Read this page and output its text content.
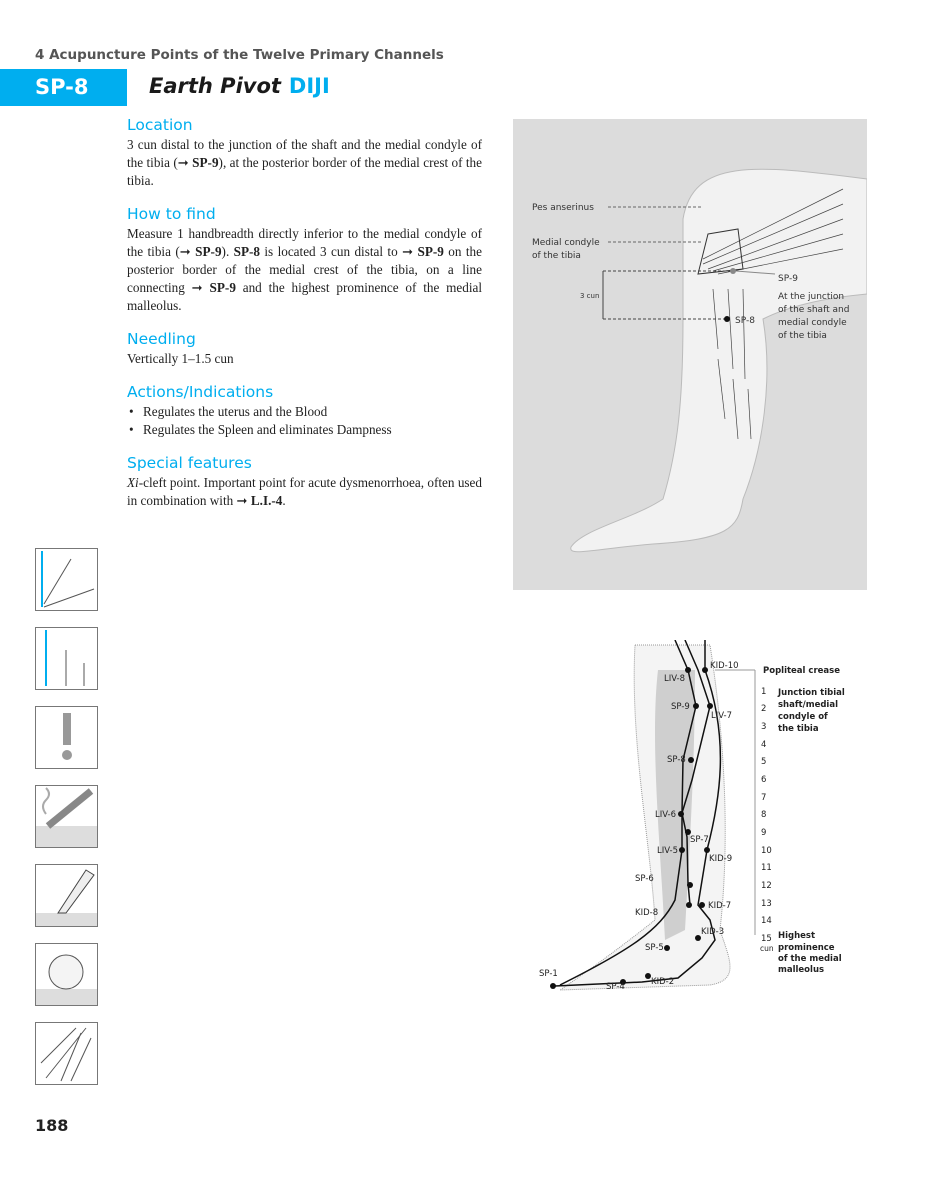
4 Acupuncture Points of the Twelve Primary Channels
SP-8	Earth Pivot DIJI
Location

3 cun distal to the junction of the shaft and the medial condyle of the tibia (➞ SP-9), at the posterior border of the medial crest of the tibia.

How to find

Measure 1 handbreadth directly inferior to the medial condyle of the tibia (➞ SP-9). SP-8 is located 3 cun distal to ➞ SP-9 on the posterior border of the medial crest of the tibia, on a line connecting ➞ SP-9 and the highest prominence of the medial malleolus.

Needling

Vertically 1–1.5 cun

Actions/Indications
• Regulates the uterus and the Blood
• Regulates the Spleen and eliminates Dampness
Special features

Xi-cleft point. Important point for acute dysmenorrhoea, often used in combination with ➞ L.I.-4.

Pes anserinus
Medial condyle
of the tibia
3 cun
SP-9
SP-8
At the junction
of the shaft and
medial condyle
of the tibia
KID-10
LIV-8
SP-9
LIV-7
SP-8
LIV-6
SP-7
LIV-5
KID-9
SP-6
KID-8
KID-7
KID-3
SP-5
SP-1
SP-4	KID-2
1
2
3
4
5
6
7
8
9
10
11
12
13
14
15
cun
Popliteal crease
Junction tibial
shaft/medial
condyle of
the tibia
Highest
prominence
of the medial
malleolus
188
